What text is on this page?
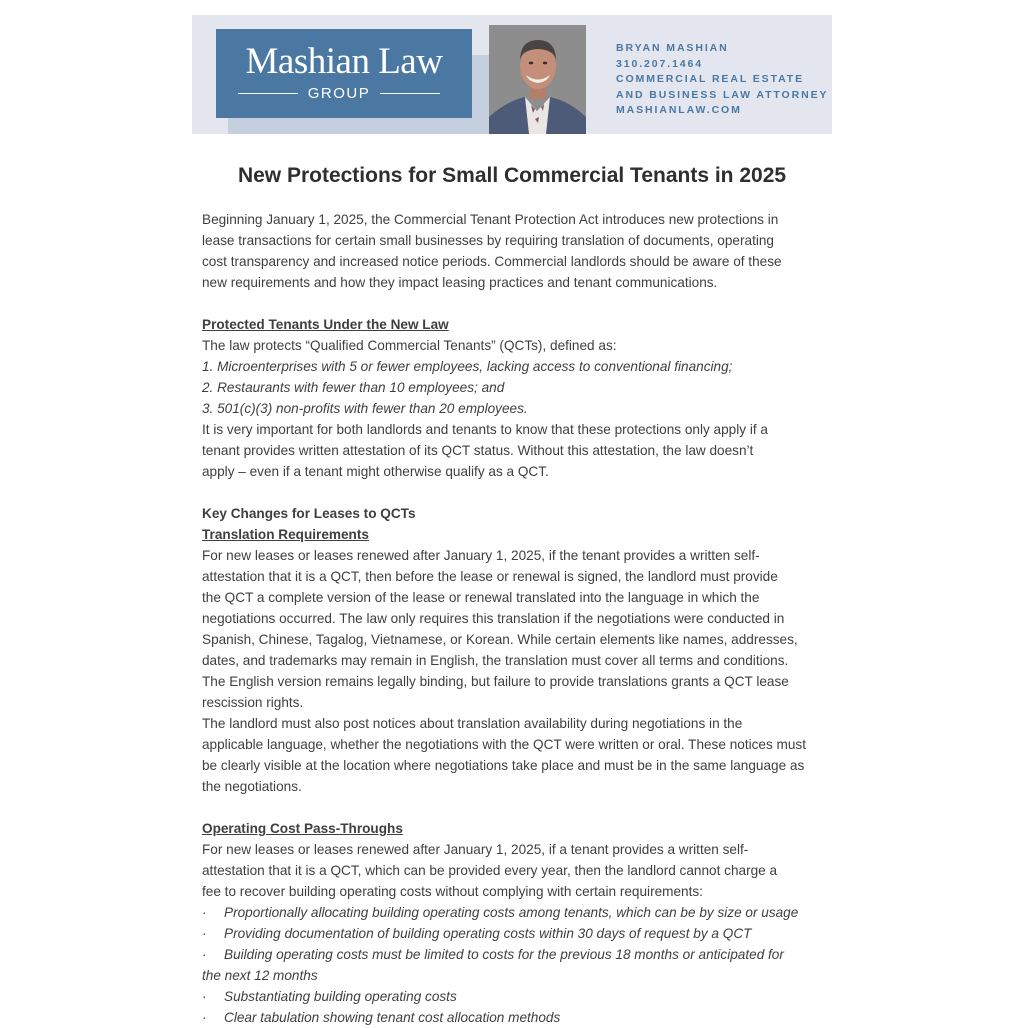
Mashian Law
GROUP
BRYAN MASHIAN
310.207.1464
COMMERCIAL REAL ESTATE
AND BUSINESS LAW ATTORNEY
MASHIANLAW.COM
New Protections for Small Commercial Tenants in 2025
Beginning January 1, 2025, the Commercial Tenant Protection Act introduces new protections in
lease transactions for certain small businesses by requiring translation of documents, operating
cost transparency and increased notice periods. Commercial landlords should be aware of these
new requirements and how they impact leasing practices and tenant communications.
Protected Tenants Under the New Law
The law protects “Qualified Commercial Tenants” (QCTs), defined as:
1. Microenterprises with 5 or fewer employees, lacking access to conventional financing;
2. Restaurants with fewer than 10 employees; and
3. 501(c)(3) non-profits with fewer than 20 employees.
It is very important for both landlords and tenants to know that these protections only apply if a
tenant provides written attestation of its QCT status. Without this attestation, the law doesn’t
apply – even if a tenant might otherwise qualify as a QCT.
Key Changes for Leases to QCTs
Translation Requirements
For new leases or leases renewed after January 1, 2025, if the tenant provides a written self-
attestation that it is a QCT, then before the lease or renewal is signed, the landlord must provide
the QCT a complete version of the lease or renewal translated into the language in which the
negotiations occurred. The law only requires this translation if the negotiations were conducted in
Spanish, Chinese, Tagalog, Vietnamese, or Korean. While certain elements like names, addresses,
dates, and trademarks may remain in English, the translation must cover all terms and conditions.
The English version remains legally binding, but failure to provide translations grants a QCT lease
rescission rights.
The landlord must also post notices about translation availability during negotiations in the
applicable language, whether the negotiations with the QCT were written or oral. These notices must
be clearly visible at the location where negotiations take place and must be in the same language as
the negotiations.
Operating Cost Pass-Throughs
For new leases or leases renewed after January 1, 2025, if a tenant provides a written self-
attestation that it is a QCT, which can be provided every year, then the landlord cannot charge a
fee to recover building operating costs without complying with certain requirements:
· Proportionally allocating building operating costs among tenants, which can be by size or usage
· Providing documentation of building operating costs within 30 days of request by a QCT
· Building operating costs must be limited to costs for the previous 18 months or anticipated for
the next 12 months
· Substantiating building operating costs
· Clear tabulation showing tenant cost allocation methods
